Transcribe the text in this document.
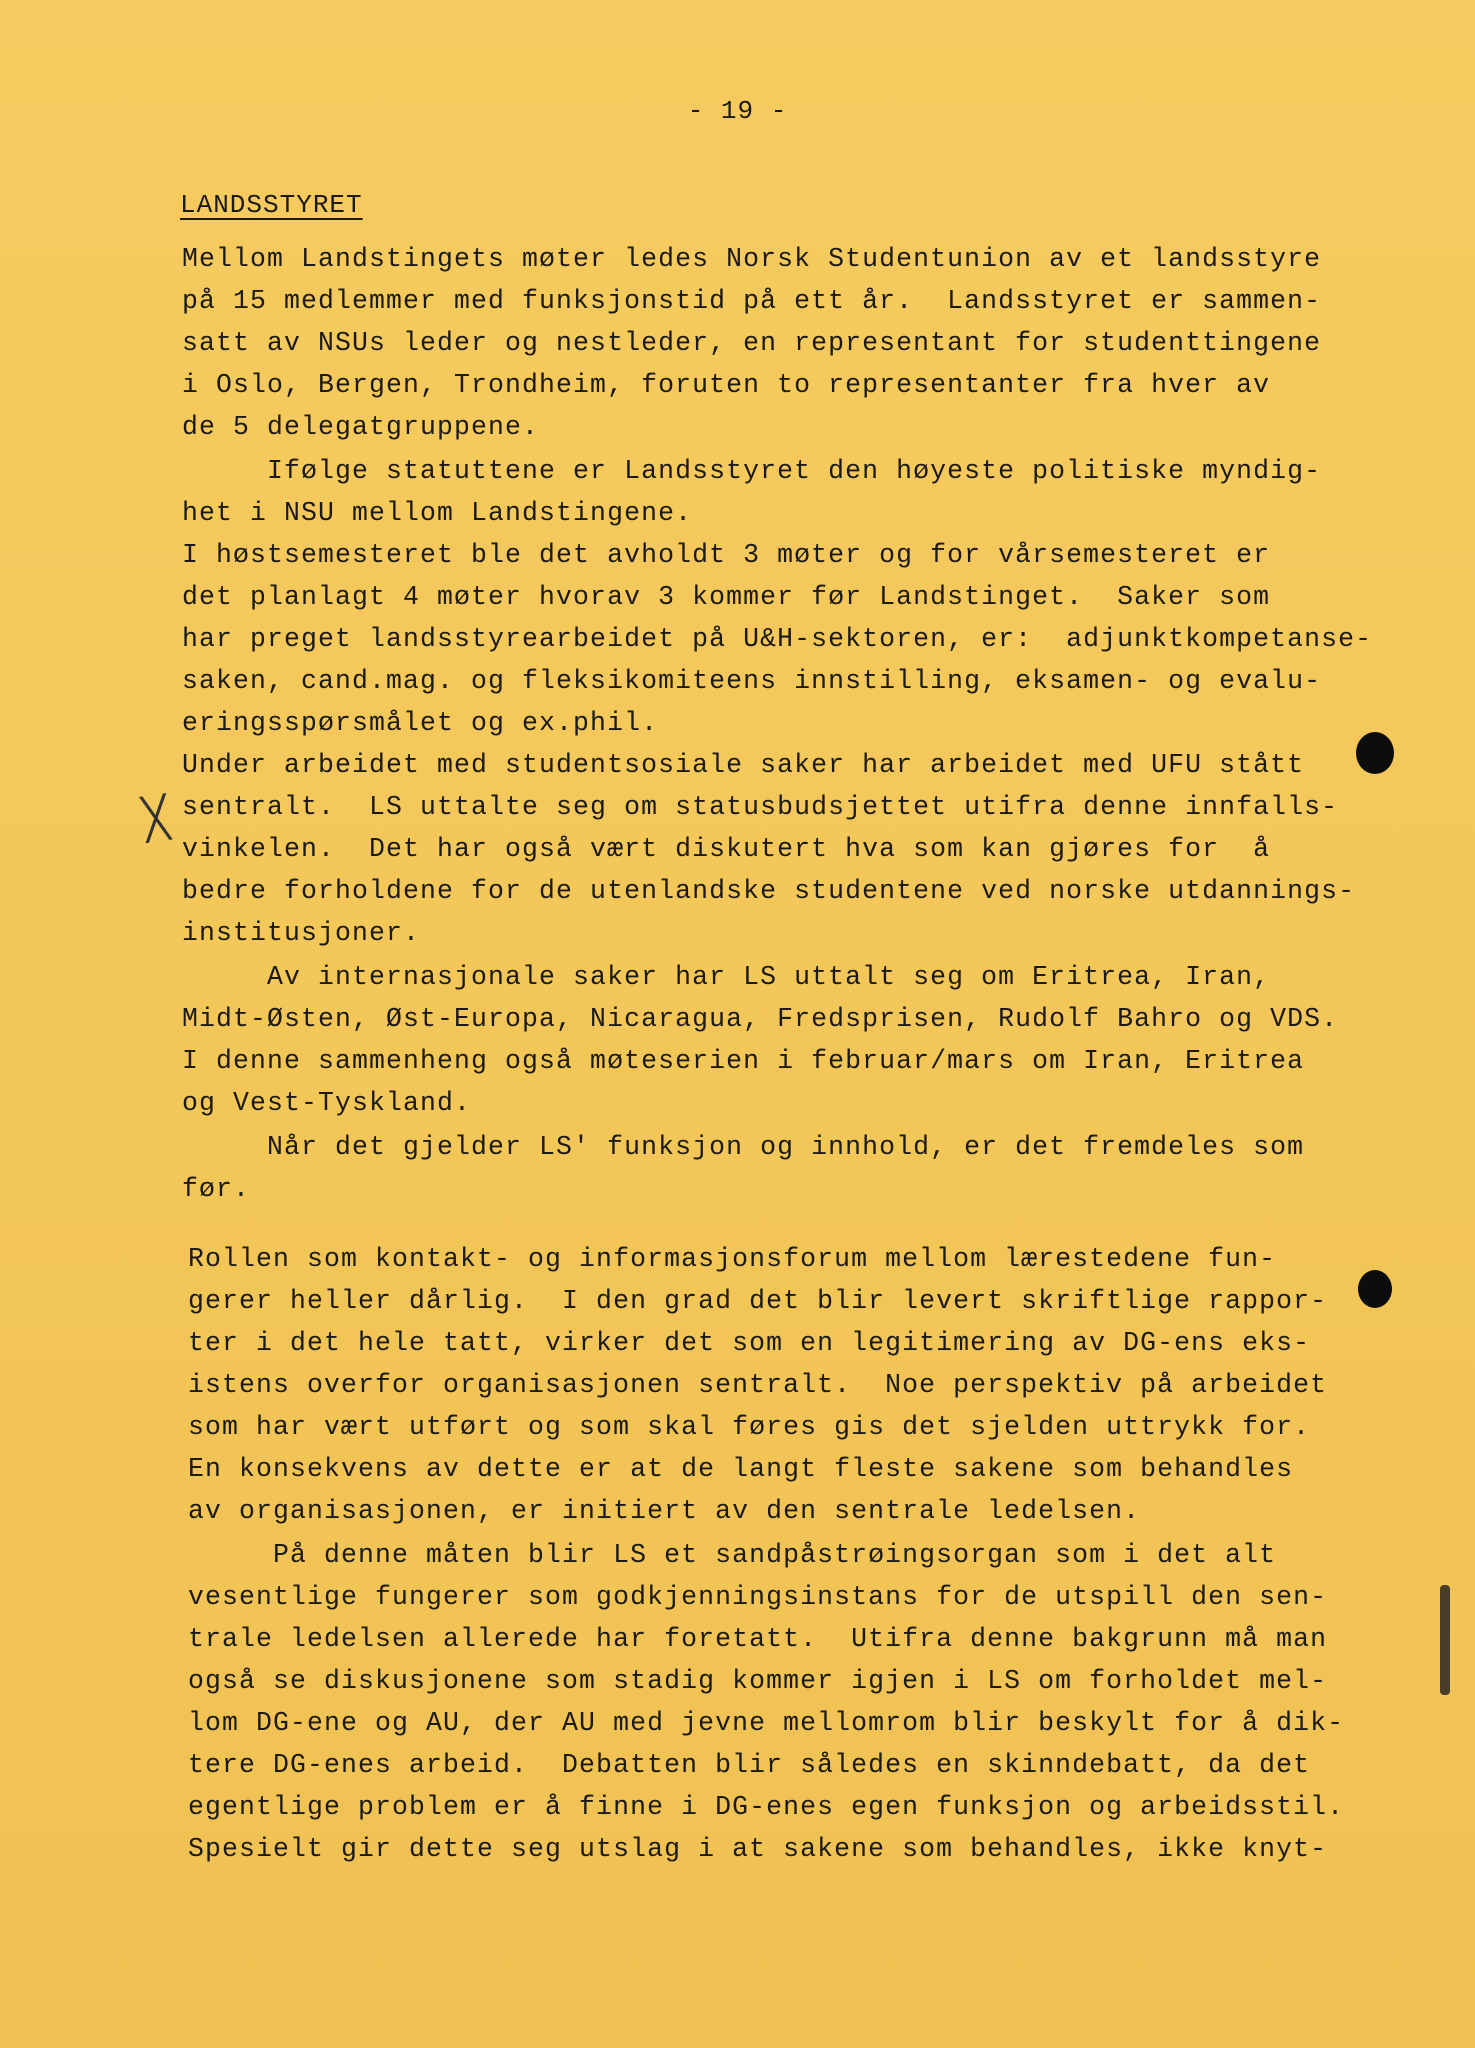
- 19 -
LANDSSTYRET
Mellom Landstingets møter ledes Norsk Studentunion av et landsstyre
på 15 medlemmer med funksjonstid på ett år.  Landsstyret er sammen-
satt av NSUs leder og nestleder, en representant for studenttingene
i Oslo, Bergen, Trondheim, foruten to representanter fra hver av
de 5 delegatgruppene.
Ifølge statuttene er Landsstyret den høyeste politiske myndig-
het i NSU mellom Landstingene.
I høstsemesteret ble det avholdt 3 møter og for vårsemesteret er
det planlagt 4 møter hvorav 3 kommer før Landstinget.  Saker som
har preget landsstyrearbeidet på U&H-sektoren, er:  adjunktkompetanse-
saken, cand.mag. og fleksikomiteens innstilling, eksamen- og evalu-
eringsspørsmålet og ex.phil.
Under arbeidet med studentsosiale saker har arbeidet med UFU stått
sentralt.  LS uttalte seg om statusbudsjettet utifra denne innfalls-
vinkelen.  Det har også vært diskutert hva som kan gjøres for  å
bedre forholdene for de utenlandske studentene ved norske utdannings-
institusjoner.
Av internasjonale saker har LS uttalt seg om Eritrea, Iran,
Midt-Østen, Øst-Europa, Nicaragua, Fredsprisen, Rudolf Bahro og VDS.
I denne sammenheng også møteserien i februar/mars om Iran, Eritrea
og Vest-Tyskland.
Når det gjelder LS' funksjon og innhold, er det fremdeles som
før.
Rollen som kontakt- og informasjonsforum mellom lærestedene fun-
gerer heller dårlig.  I den grad det blir levert skriftlige rappor-
ter i det hele tatt, virker det som en legitimering av DG-ens eks-
istens overfor organisasjonen sentralt.  Noe perspektiv på arbeidet
som har vært utført og som skal føres gis det sjelden uttrykk for.
En konsekvens av dette er at de langt fleste sakene som behandles
av organisasjonen, er initiert av den sentrale ledelsen.
På denne måten blir LS et sandpåstrøingsorgan som i det alt
vesentlige fungerer som godkjenningsinstans for de utspill den sen-
trale ledelsen allerede har foretatt.  Utifra denne bakgrunn må man
også se diskusjonene som stadig kommer igjen i LS om forholdet mel-
lom DG-ene og AU, der AU med jevne mellomrom blir beskylt for å dik-
tere DG-enes arbeid.  Debatten blir således en skinndebatt, da det
egentlige problem er å finne i DG-enes egen funksjon og arbeidsstil.
Spesielt gir dette seg utslag i at sakene som behandles, ikke knyt-
╳
